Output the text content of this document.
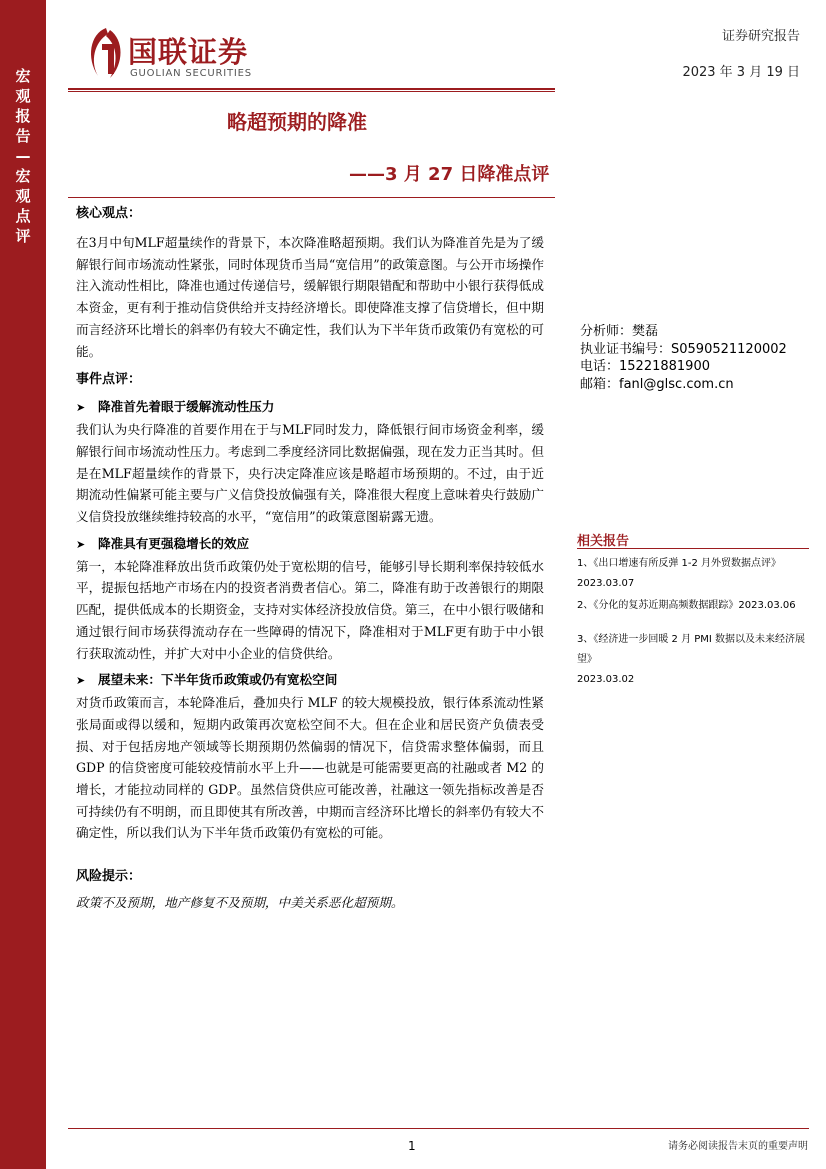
宏观报告—宏观点评
国联证券
GUOLIAN SECURITIES
证券研究报告
2023 年 3 月 19 日
略超预期的降准
——3 月 27 日降准点评
核心观点：

在3月中旬MLF超量续作的背景下，本次降准略超预期。我们认为降准首先是为了缓解银行间市场流动性紧张，同时体现货币当局“宽信用”的政策意图。与公开市场操作注入流动性相比，降准也通过传递信号，缓解银行期限错配和帮助中小银行获得低成本资金，更有利于推动信贷供给并支持经济增长。即使降准支撑了信贷增长，但中期而言经济环比增长的斜率仍有较大不确定性，我们认为下半年货币政策仍有宽松的可能。

事件点评：
➤ 降准首先着眼于缓解流动性压力

我们认为央行降准的首要作用在于与MLF同时发力，降低银行间市场资金利率，缓解银行间市场流动性压力。考虑到二季度经济同比数据偏强，现在发力正当其时。但是在MLF超量续作的背景下，央行决定降准应该是略超市场预期的。不过，由于近期流动性偏紧可能主要与广义信贷投放偏强有关，降准很大程度上意味着央行鼓励广义信贷投放继续维持较高的水平，“宽信用”的政策意图崭露无遗。

➤ 降准具有更强稳增长的效应

第一，本轮降准释放出货币政策仍处于宽松期的信号，能够引导长期利率保持较低水平，提振包括地产市场在内的投资者消费者信心。第二，降准有助于改善银行的期限匹配，提供低成本的长期资金，支持对实体经济投放信贷。第三，在中小银行吸储和通过银行间市场获得流动存在一些障碍的情况下，降准相对于MLF更有助于中小银行获取流动性，并扩大对中小企业的信贷供给。

➤ 展望未来：下半年货币政策或仍有宽松空间

对货币政策而言，本轮降准后，叠加央行 MLF 的较大规模投放，银行体系流动性紧张局面或得以缓和，短期内政策再次宽松空间不大。但在企业和居民资产负债表受损、对于包括房地产领域等长期预期仍然偏弱的情况下，信贷需求整体偏弱，而且 GDP 的信贷密度可能较疫情前水平上升——也就是可能需要更高的社融或者 M2 的增长，才能拉动同样的 GDP。虽然信贷供应可能改善，社融这一领先指标改善是否可持续仍有不明朗，而且即使其有所改善，中期而言经济环比增长的斜率仍有较大不确定性，所以我们认为下半年货币政策仍有宽松的可能。

风险提示：

政策不及预期，地产修复不及预期，中美关系恶化超预期。

分析师：樊磊
执业证书编号：S0590521120002
电话：15221881900
邮箱：fanl@glsc.com.cn
相关报告
1、《出口增速有所反弹 1-2 月外贸数据点评》
2023.03.07
2、《分化的复苏近期高频数据跟踪》2023.03.06
3、《经济进一步回暖 2 月 PMI 数据以及未来经济展望》
2023.03.02
1	请务必阅读报告末页的重要声明
